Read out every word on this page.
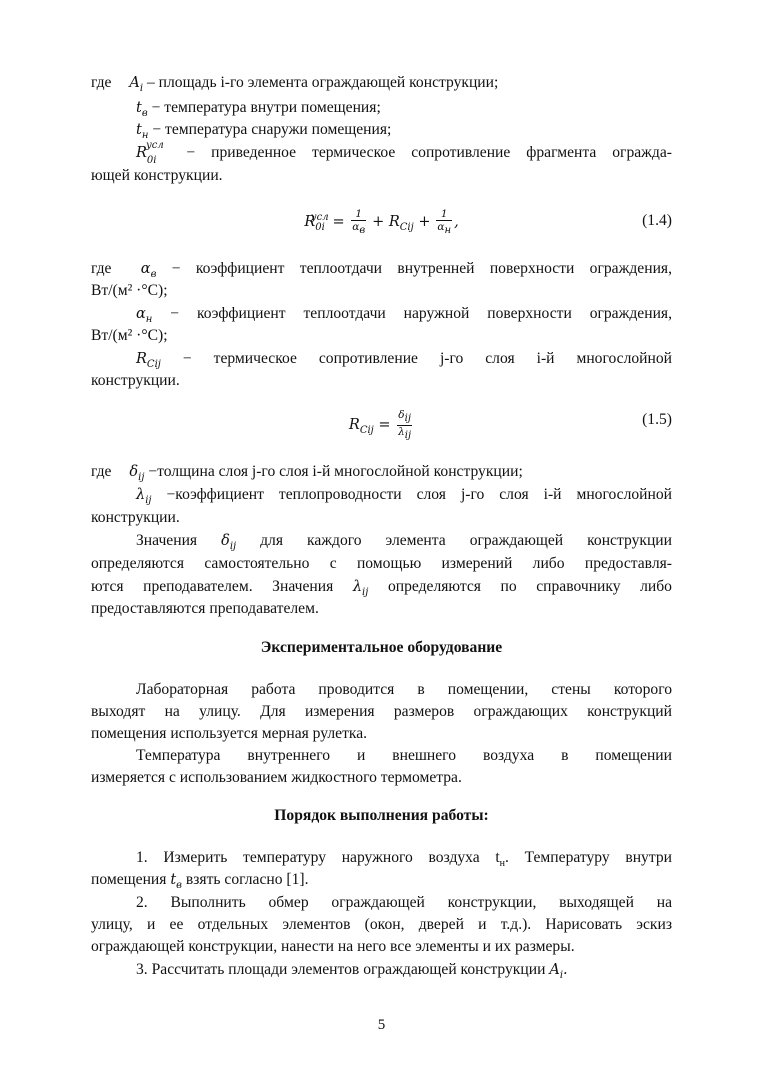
где $A_i$ – площадь i-го элемента ограждающей конструкции;
$t_в$ − температура внутри помещения;
$t_н$ − температура снаружи помещения;
$R_{0i}$
усл − приведенное термическое сопротивление фрагмента огражда-
ющей конструкции.
$R_{0i}^{усл} = \frac{1}{\alpha_в} + R_{Cij} + \frac{1}{\alpha_н}$ ,	(1.4)
где $\alpha_в$ − коэффициент теплоотдачи внутренней поверхности ограждения,
Вт/(м² ·°С);
$\alpha_н$ − коэффициент теплоотдачи наружной поверхности ограждения,
Вт/(м² ·°С);
$R_{Cij}$ − термическое сопротивление j-го слоя i-й многослойной
конструкции.
$R_{Cij} = \frac{\delta_{ij}}{\lambda_{ij}}$	(1.5)
где $\delta_{ij}$ −толщина слоя j-го слоя i-й многослойной конструкции;
$\lambda_{ij}$ −коэффициент теплопроводности слоя j-го слоя i-й многослойной
конструкции.
Значения $\delta_{ij}$ для каждого элемента ограждающей конструкции
определяются самостоятельно с помощью измерений либо предоставля-
ются преподавателем. Значения $\lambda_{ij}$ определяются по справочнику либо
предоставляются преподавателем.
Экспериментальное оборудование
Лабораторная работа проводится в помещении, стены которого
выходят на улицу. Для измерения размеров ограждающих конструкций
помещения используется мерная рулетка.
Температура внутреннего и внешнего воздуха в помещении
измеряется с использованием жидкостного термометра.
Порядок выполнения работы:
1. Измерить температуру наружного воздуха $t_н$. Температуру внутри
помещения $t_в$ взять согласно [1].
2. Выполнить обмер ограждающей конструкции, выходящей на
улицу, и ее отдельных элементов (окон, дверей и т.д.). Нарисовать эскиз
ограждающей конструкции, нанести на него все элементы и их размеры.
3. Рассчитать площади элементов ограждающей конструкции $A_i$.
5
